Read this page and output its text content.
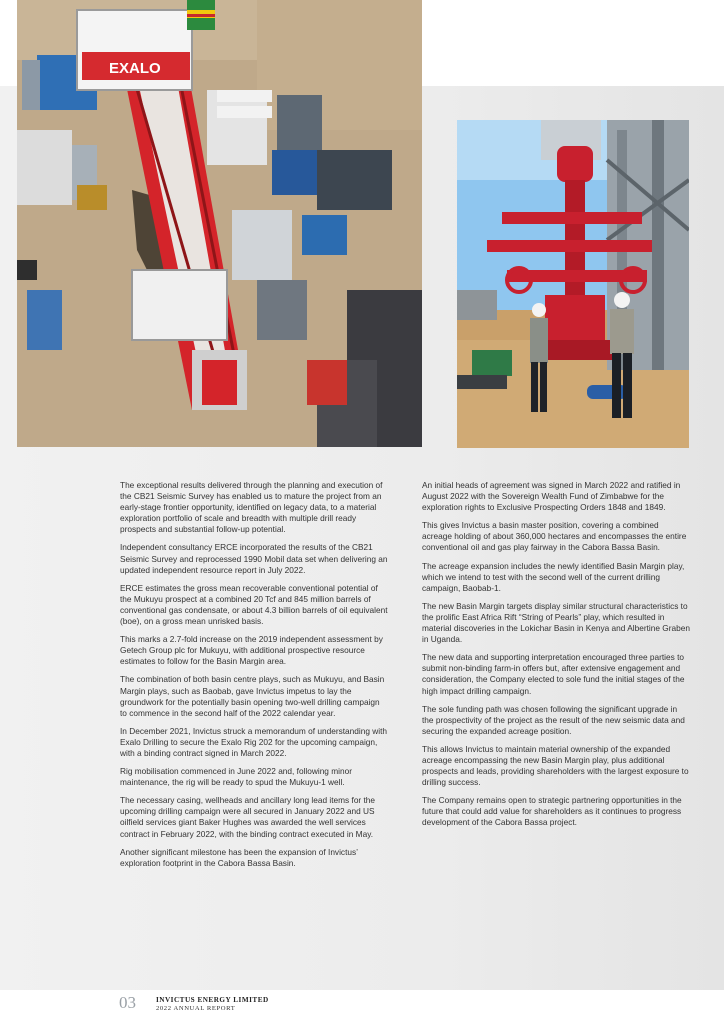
EXALO

The exceptional results delivered through the planning and execution of the CB21 Seismic Survey has enabled us to mature the project from an early-stage frontier opportunity, identified on legacy data, to a material exploration portfolio of scale and breadth with multiple drill ready prospects and substantial follow-up potential.

Independent consultancy ERCE incorporated the results of the CB21 Seismic Survey and reprocessed 1990 Mobil data set when delivering an updated independent resource report in July 2022.

ERCE estimates the gross mean recoverable conventional potential of the Mukuyu prospect at a combined 20 Tcf and 845 million barrels of conventional gas condensate, or about 4.3 billion barrels of oil equivalent (boe), on a gross mean unrisked basis.

This marks a 2.7-fold increase on the 2019 independent assessment by Getech Group plc for Mukuyu, with additional prospective resource estimates to follow for the Basin Margin area.

The combination of both basin centre plays, such as Mukuyu, and Basin Margin plays, such as Baobab, gave Invictus impetus to lay the groundwork for the potentially basin opening two-well drilling campaign to commence in the second half of the 2022 calendar year.

In December 2021, Invictus struck a memorandum of understanding with Exalo Drilling to secure the Exalo Rig 202 for the upcoming campaign, with a binding contract signed in March 2022.

Rig mobilisation commenced in June 2022 and, following minor maintenance, the rig will be ready to spud the Mukuyu-1 well.

The necessary casing, wellheads and ancillary long lead items for the upcoming drilling campaign were all secured in January 2022 and US oilfield services giant Baker Hughes was awarded the well services contract in February 2022, with the binding contract executed in May.

Another significant milestone has been the expansion of Invictus’ exploration footprint in the Cabora Bassa Basin.

An initial heads of agreement was signed in March 2022 and ratified in August 2022 with the Sovereign Wealth Fund of Zimbabwe for the exploration rights to Exclusive Prospecting Orders 1848 and 1849.

This gives Invictus a basin master position, covering a combined acreage holding of about 360,000 hectares and encompasses the entire conventional oil and gas play fairway in the Cabora Bassa Basin.

The acreage expansion includes the newly identified Basin Margin play, which we intend to test with the second well of the current drilling campaign, Baobab-1.

The new Basin Margin targets display similar structural characteristics to the prolific East Africa Rift “String of Pearls” play, which resulted in material discoveries in the Lokichar Basin in Kenya and Albertine Graben in Uganda.

The new data and supporting interpretation encouraged three parties to submit non-binding farm-in offers but, after extensive engagement and consideration, the Company elected to sole fund the initial stages of the high impact drilling campaign.

The sole funding path was chosen following the significant upgrade in the prospectivity of the project as the result of the new seismic data and securing the expanded acreage position.

This allows Invictus to maintain material ownership of the expanded acreage encompassing the new Basin Margin play, plus additional prospects and leads, providing shareholders with the largest exposure to drilling success.

The Company remains open to strategic partnering opportunities in the future that could add value for shareholders as it continues to progress development of the Cabora Bassa project.

03	INVICTUS ENERGY LIMITED
2022 ANNUAL REPORT
